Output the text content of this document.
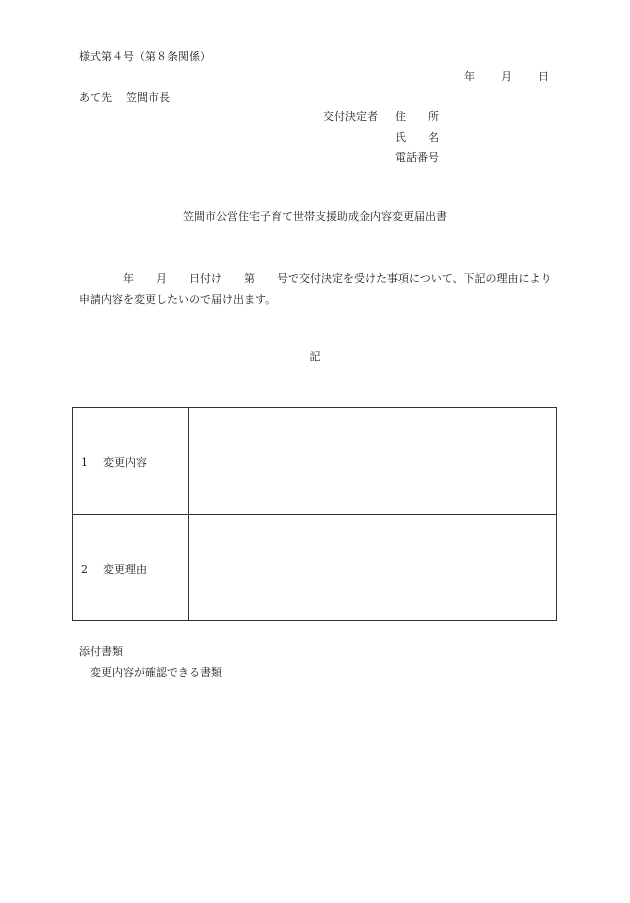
様式第４号（第８条関係）
年 月 日
あて先 笠間市長
交付決定者 住 所
氏 名
電話番号
笠間市公営住宅子育て世帯支援助成金内容変更届出書
年 月 日付け 第 号で交付決定を受けた事項について、下記の理由により申請内容を変更したいので届け出ます。
記
1 変更内容
2 変更理由
添付書類
変更内容が確認できる書類
